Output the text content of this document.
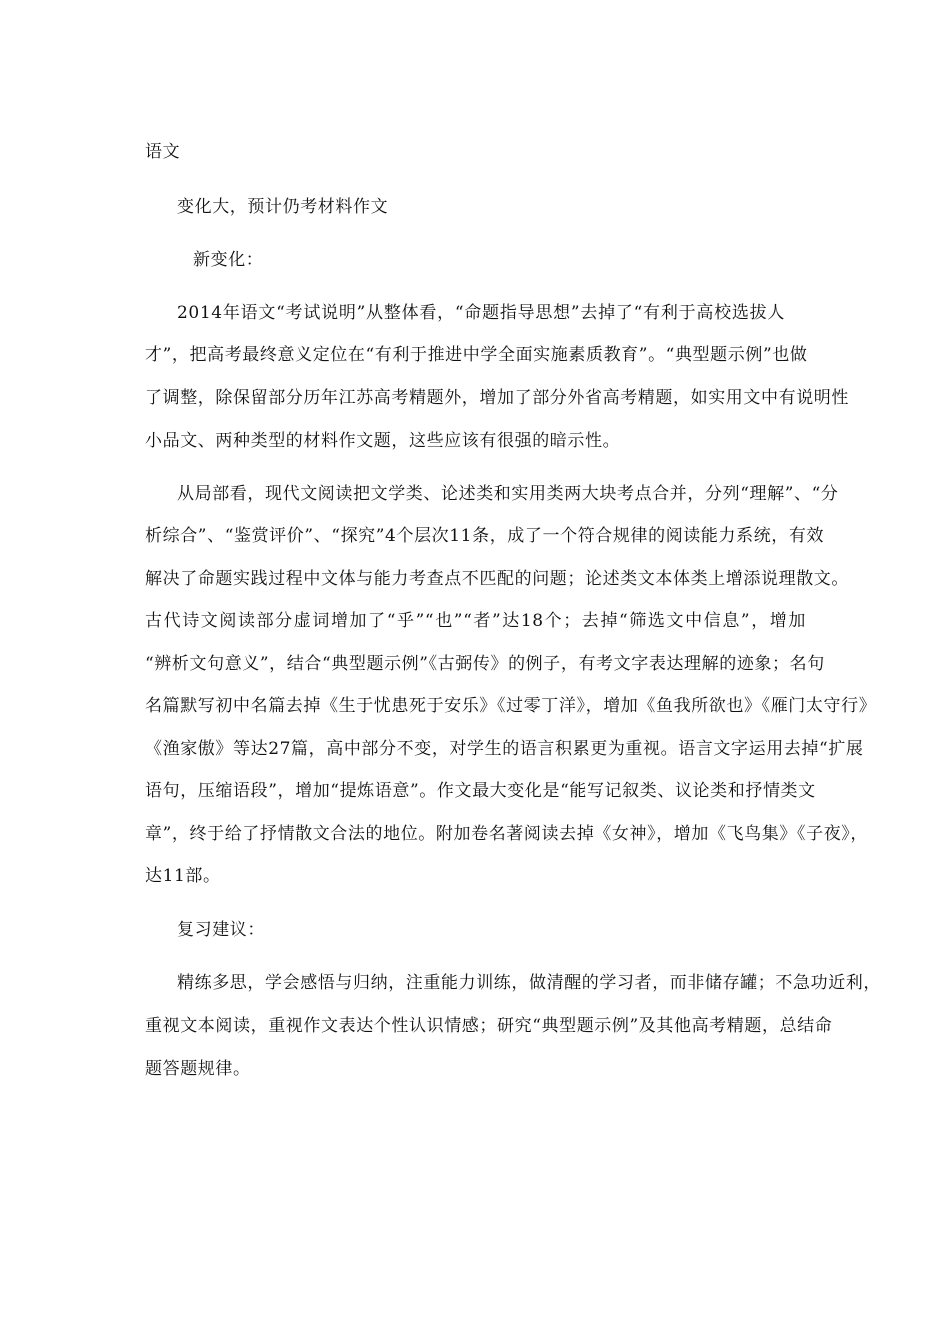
语文
变化大，预计仍考材料作文
新变化：
2014年语文“考试说明”从整体看，“命题指导思想”去掉了“有利于高校选拔人
才”，把高考最终意义定位在“有利于推进中学全面实施素质教育”。“典型题示例”也做
了调整，除保留部分历年江苏高考精题外，增加了部分外省高考精题，如实用文中有说明性
小品文、两种类型的材料作文题，这些应该有很强的暗示性。
从局部看，现代文阅读把文学类、论述类和实用类两大块考点合并，分列“理解”、“分
析综合”、“鉴赏评价”、“探究”4个层次11条，成了一个符合规律的阅读能力系统，有效
解决了命题实践过程中文体与能力考查点不匹配的问题；论述类文本体类上增添说理散文。
古代诗文阅读部分虚词增加了“乎”“也”“者”达18个；去掉“筛选文中信息”，增加
“辨析文句意义”，结合“典型题示例”《古弼传》的例子，有考文字表达理解的迹象；名句
名篇默写初中名篇去掉《生于忧患死于安乐》《过零丁洋》，增加《鱼我所欲也》《雁门太守行》
《渔家傲》等达27篇，高中部分不变，对学生的语言积累更为重视。语言文字运用去掉“扩展
语句，压缩语段”，增加“提炼语意”。作文最大变化是“能写记叙类、议论类和抒情类文
章”，终于给了抒情散文合法的地位。附加卷名著阅读去掉《女神》，增加《飞鸟集》《子夜》，
达11部。
复习建议：
精练多思，学会感悟与归纳，注重能力训练，做清醒的学习者，而非储存罐；不急功近利，
重视文本阅读，重视作文表达个性认识情感；研究“典型题示例”及其他高考精题，总结命
题答题规律。
